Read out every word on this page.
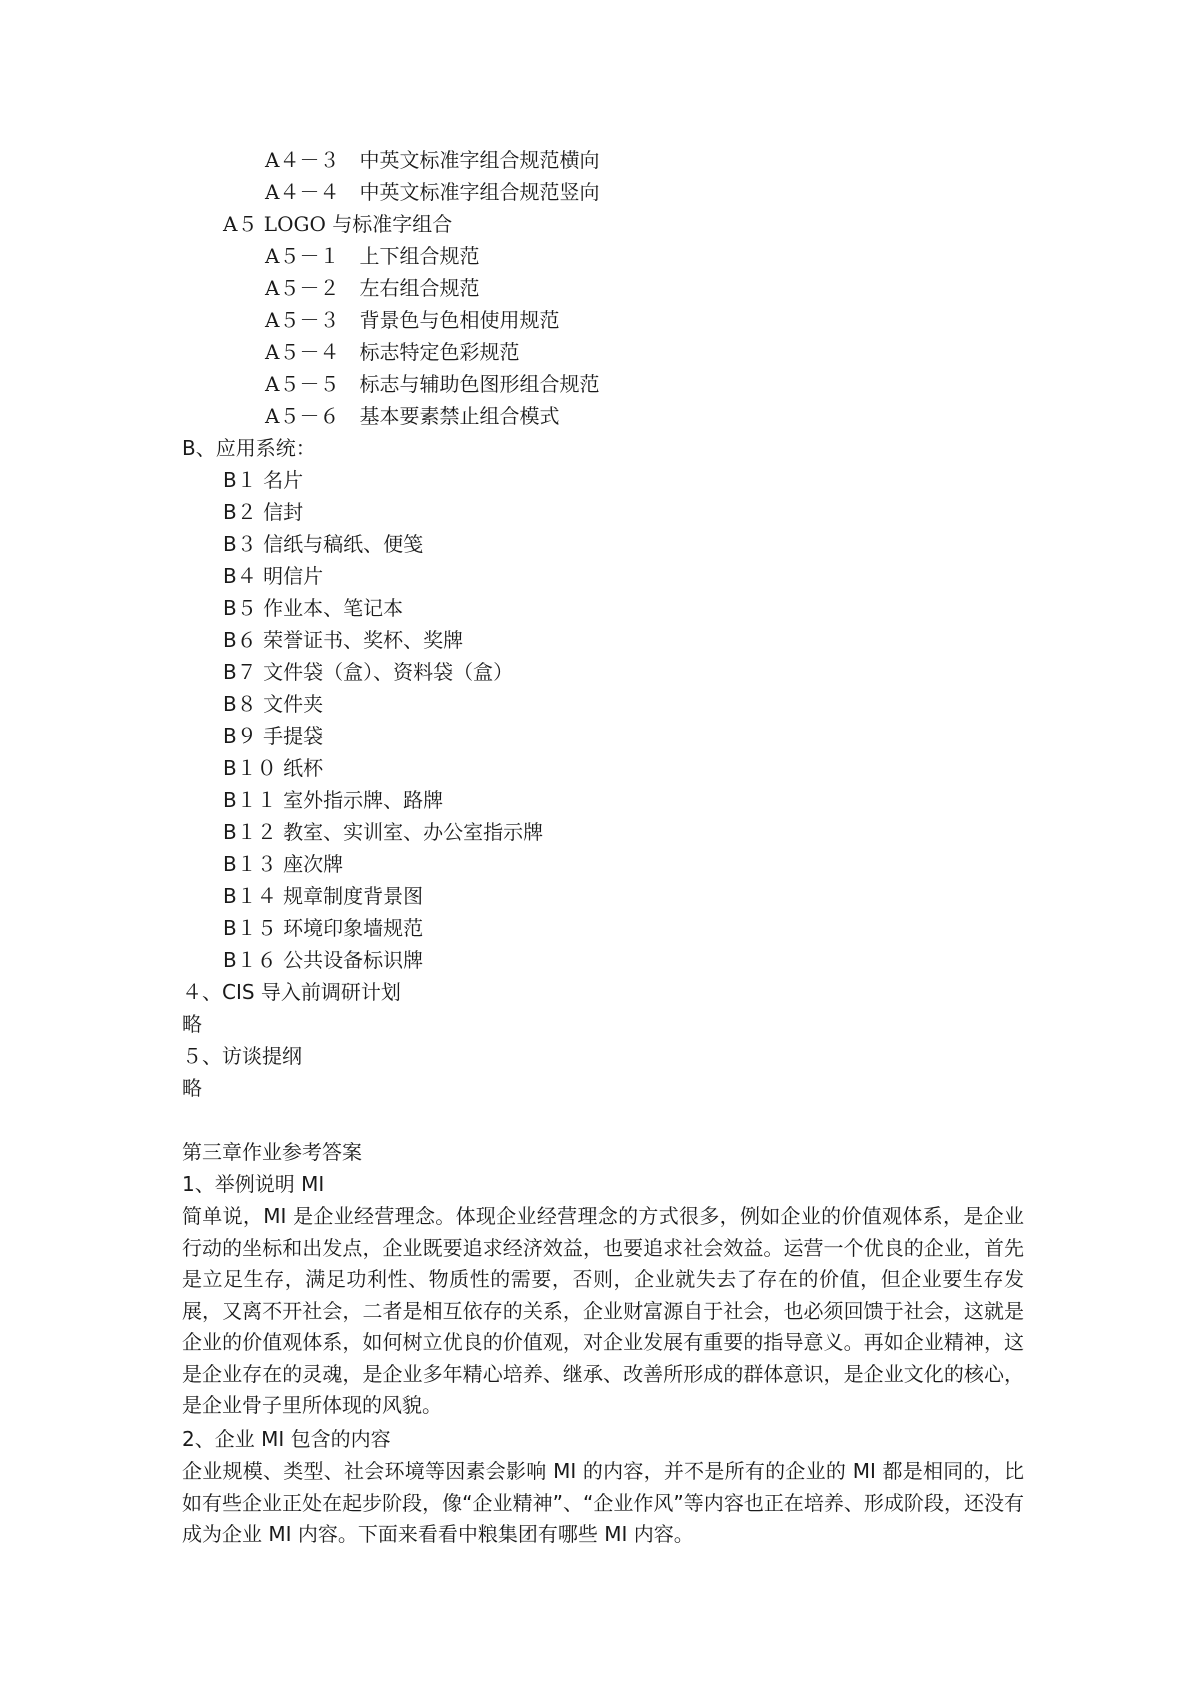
A４－３　中英文标准字组合规范横向
A４－４　中英文标准字组合规范竖向
A５ LOGO 与标准字组合
A５－１　上下组合规范
A５－２　左右组合规范
A５－３　背景色与色相使用规范
A５－４　标志特定色彩规范
A５－５　标志与辅助色图形组合规范
A５－６　基本要素禁止组合模式
B、应用系统：
B１ 名片
B２ 信封
B３ 信纸与稿纸、便笺
B４ 明信片
B５ 作业本、笔记本
B６ 荣誉证书、奖杯、奖牌
B７ 文件袋（盒）、资料袋（盒）
B８ 文件夹
B９ 手提袋
B１０ 纸杯
B１１ 室外指示牌、路牌
B１２ 教室、实训室、办公室指示牌
B１３ 座次牌
B１４ 规章制度背景图
B１５ 环境印象墙规范
B１６ 公共设备标识牌
４、CIS 导入前调研计划
略
５、访谈提纲
略
第三章作业参考答案
1、举例说明 MI
简单说，MI 是企业经营理念。体现企业经营理念的方式很多，例如企业的价值观体系，是企业行动的坐标和出发点，企业既要追求经济效益，也要追求社会效益。运营一个优良的企业，首先是立足生存，满足功利性、物质性的需要，否则，企业就失去了存在的价值，但企业要生存发展，又离不开社会，二者是相互依存的关系，企业财富源自于社会，也必须回馈于社会，这就是企业的价值观体系，如何树立优良的价值观，对企业发展有重要的指导意义。再如企业精神，这是企业存在的灵魂，是企业多年精心培养、继承、改善所形成的群体意识，是企业文化的核心，是企业骨子里所体现的风貌。
2、企业 MI 包含的内容
企业规模、类型、社会环境等因素会影响 MI 的内容，并不是所有的企业的 MI 都是相同的，比如有些企业正处在起步阶段，像“企业精神”、“企业作风”等内容也正在培养、形成阶段，还没有成为企业 MI 内容。下面来看看中粮集团有哪些 MI 内容。
